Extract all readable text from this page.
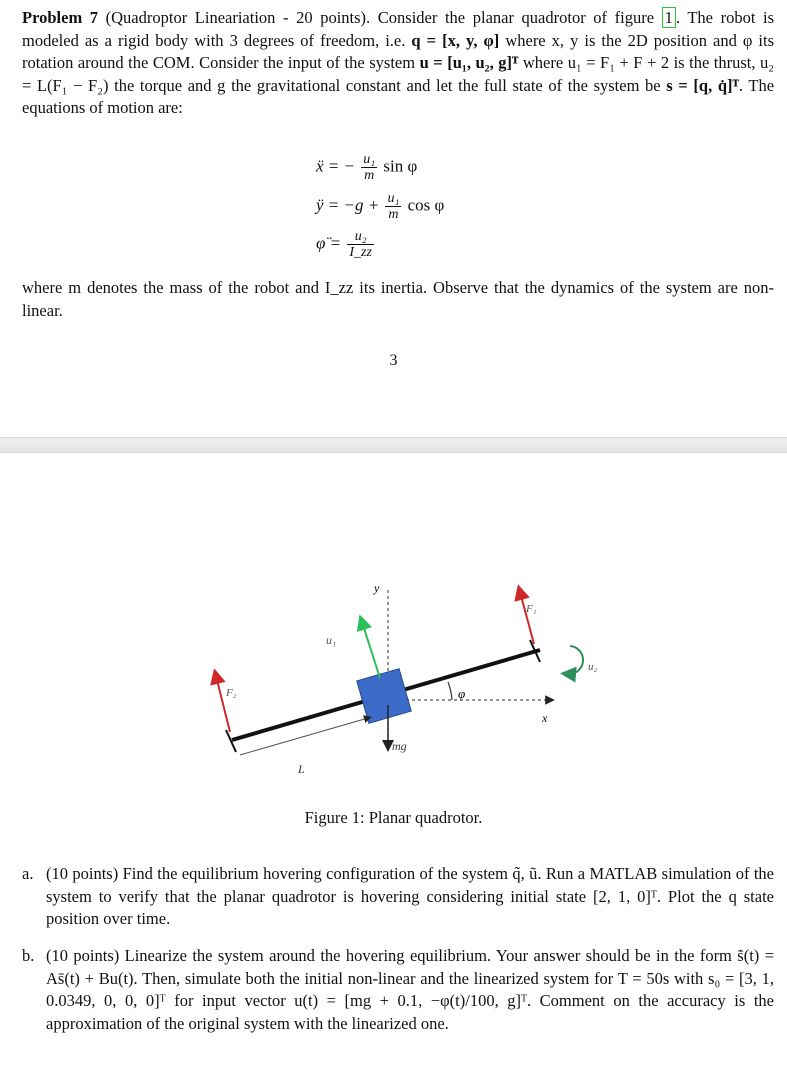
Problem 7 (Quadroptor Lineariation - 20 points). Consider the planar quadrotor of figure 1 . The robot is modeled as a rigid body with 3 degrees of freedom, i.e. q = [x, y, φ] where x, y is the 2D position and φ its rotation around the COM. Consider the input of the system u = [u₁, u₂, g]ᵀ where u₁ = F₁ + F + 2 is the thrust, u₂ = L(F₁ − F₂) the torque and g the gravitational constant and let the full state of the system be s = [q, q̇]ᵀ. The equations of motion are:
ẍ = − $\frac{\text{u₁}}{m}$ sin φ
ÿ = $-g + \frac{\text{u₁}}{m}$ cos φ
φ̈ = $\frac{\text{u₂}}{I\_zz}$
where m denotes the mass of the robot and I_zz its inertia. Observe that the dynamics of the system are non-linear.
3
y
x
u₁
u₂
F₁
F₂	φ
L
mg
Figure 1: Planar quadrotor.
a. (10 points) Find the equilibrium hovering configuration of the system q̃, ũ. Run a MATLAB simulation of the system to verify that the planar quadrotor is hovering considering initial state [2, 1, 0]ᵀ. Plot the q state position over time.
b. (10 points) Linearize the system around the hovering equilibrium. Your answer should be in the form s̄̇(t) = As̄(t) + Bu(t). Then, simulate both the initial non-linear and the linearized system for T = 50s with s₀ = [3, 1, 0.0349, 0, 0, 0]ᵀ for input vector u(t) = [mg + 0.1, −φ(t)/100, g]ᵀ. Comment on the accuracy is the approximation of the original system with the linearized one.
